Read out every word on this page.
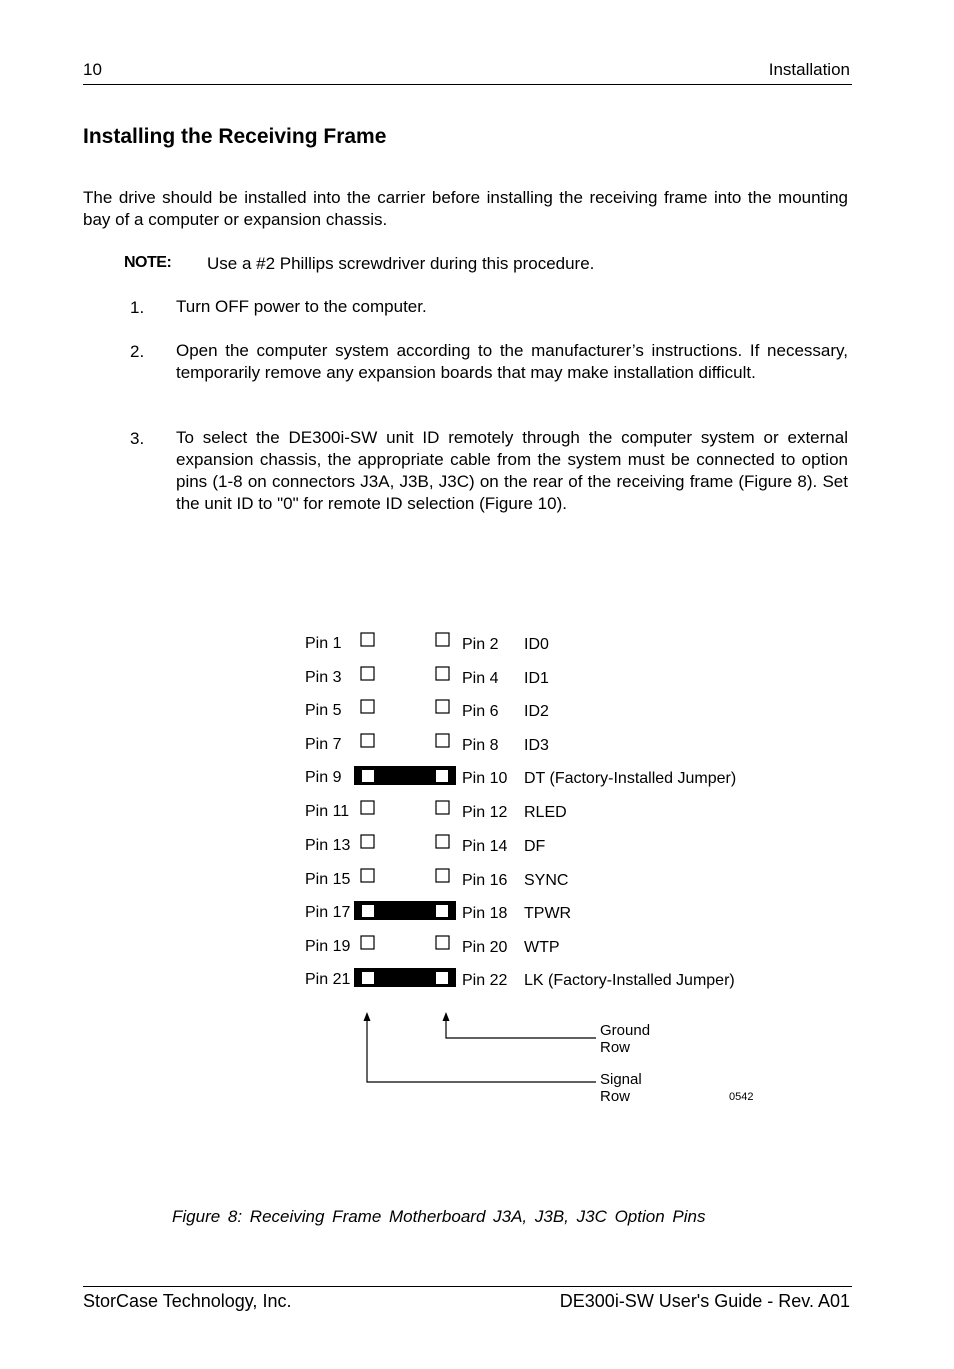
10	Installation
Installing the Receiving Frame
The drive should be installed into the carrier before installing the receiving frame into the mounting bay of a computer or expansion chassis.
NOTE: Use a #2 Phillips screwdriver during this procedure.
1. Turn OFF power to the computer.
2. Open the computer system according to the manufacturer’s instructions. If necessary, temporarily remove any expansion boards that may make installation difficult.
3. To select the DE300i-SW unit ID remotely through the computer system or external expansion chassis, the appropriate cable from the system must be connected to option pins (1-8 on connectors J3A, J3B, J3C) on the rear of the receiving frame (Figure 8). Set the unit ID to "0" for remote ID selection (Figure 10).
Pin 1	Pin 2 ID0
Pin 3	Pin 4 ID1
Pin 5	Pin 6 ID2
Pin 7	Pin 8 ID3
Pin 9	Pin 10 DT (Factory-Installed Jumper)
Pin 11	Pin 12 RLED
Pin 13	Pin 14 DF
Pin 15	Pin 16 SYNC
Pin 17	Pin 18 TPWR
Pin 19	Pin 20 WTP
Pin 21	Pin 22 LK (Factory-Installed Jumper)
Ground
Row
Signal
Row	0542
Figure 8: Receiving Frame Motherboard J3A, J3B, J3C Option Pins
StorCase Technology, Inc.	DE300i-SW User's Guide - Rev. A01
